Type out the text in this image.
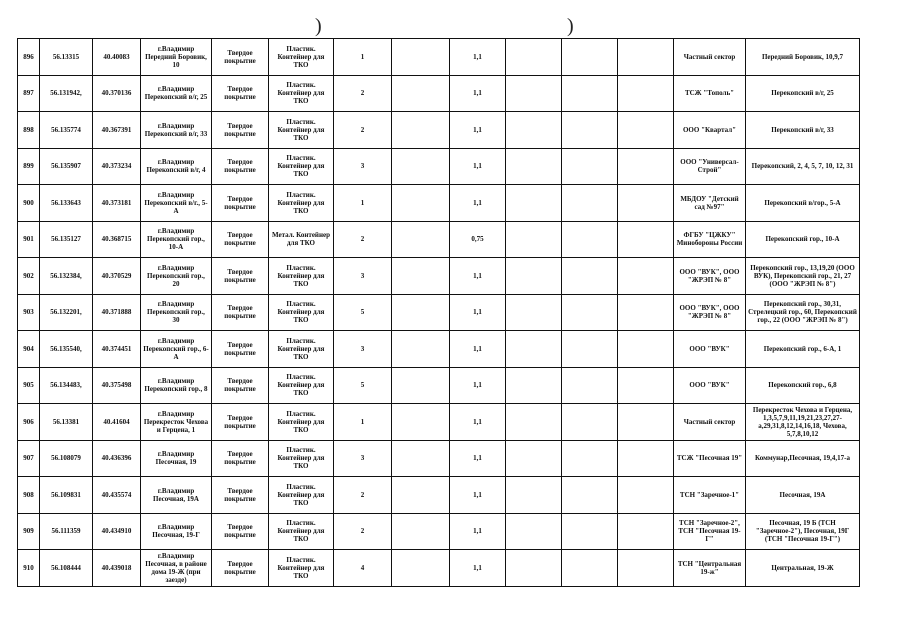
)	)
896	56.13315	40.40083	г.Владимир Передний Боровик, 10	Твердое покрытие	Пластик. Контейнер для ТКО	1		1,1				Частный сектор	Передний Боровик, 10,9,7
897	56.131942,	40.370136	г.Владимир Перекопский в/г, 25	Твердое покрытие	Пластик. Контейнер для ТКО	2		1,1				ТСЖ "Тополь"	Перекопский в/г, 25
898	56.135774	40.367391	г.Владимир Перекопский в/г, 33	Твердое покрытие	Пластик. Контейнер для ТКО	2		1,1				ООО "Квартал"	Перекопский в/г, 33
899	56.135907	40.373234	г.Владимир Перекопский в/г, 4	Твердое покрытие	Пластик. Контейнер для ТКО	3		1,1				ООО "Универсал-Строй"	Перекопский, 2, 4, 5, 7, 10, 12, 31
900	56.133643	40.373181	г.Владимир Перекопский в/г., 5-А	Твердое покрытие	Пластик. Контейнер для ТКО	1		1,1				МБДОУ "Детский сад №97"	Перекопский в/гор., 5-А
901	56.135127	40.368715	г.Владимир Перекопский гор., 10-А	Твердое покрытие	Метал. Контейнер для ТКО	2		0,75				ФГБУ "ЦЖКУ" Минобороны России	Перекопский гор., 10-А
902	56.132384,	40.370529	г.Владимир Перекопский гор., 20	Твердое покрытие	Пластик. Контейнер для ТКО	3		1,1				ООО "ВУК", ООО "ЖРЭП № 8"	Перекопский гор., 13,19,20 (ООО ВУК), Перекопский гор., 21, 27 (ООО "ЖРЭП № 8")
903	56.132201,	40.371888	г.Владимир Перекопский гор., 30	Твердое покрытие	Пластик. Контейнер для ТКО	5		1,1				ООО "ВУК", ООО "ЖРЭП № 8"	Перекопский гор., 30,31, Стрелецкий гор., 60, Перекопский гор., 22 (ООО "ЖРЭП № 8")
904	56.135540,	40.374451	г.Владимир Перекопский гор., 6-А	Твердое покрытие	Пластик. Контейнер для ТКО	3		1,1				ООО "ВУК"	Перекопский гор., 6-А, 1
905	56.134483,	40.375498	г.Владимир Перекопский гор., 8	Твердое покрытие	Пластик. Контейнер для ТКО	5		1,1				ООО "ВУК"	Перекопский гор., 6,8
906	56.13381	40.41604	г.Владимир Перекресток Чехова и Герцена, 1	Твердое покрытие	Пластик. Контейнер для ТКО	1		1,1				Частный сектор	Перекресток Чехова и Герцена, 1,3,5,7,9,11,19,21,23,27,27-а,29,31,8,12,14,16,18, Чехова, 5,7,8,10,12
907	56.108079	40.436396	г.Владимир Песочная, 19	Твердое покрытие	Пластик. Контейнер для ТКО	3		1,1				ТСЖ "Песочная 19"	Коммунар,Песочная, 19,4,17-а
908	56.109831	40.435574	г.Владимир Песочная, 19А	Твердое покрытие	Пластик. Контейнер для ТКО	2		1,1				ТСН "Заречное-1"	Песочная, 19А
909	56.111359	40.434910	г.Владимир Песочная, 19-Г	Твердое покрытие	Пластик. Контейнер для ТКО	2		1,1				ТСН "Заречное-2", ТСН "Песочная 19-Г"	Песочная, 19 Б (ТСН "Заречное-2"), Песочная, 19Г (ТСН "Песочная 19-Г")
910	56.108444	40.439018	г.Владимир Песочная, в районе дома 19-Ж (при заезде)	Твердое покрытие	Пластик. Контейнер для ТКО	4		1,1				ТСН "Центральная 19-ж"	Центральная, 19-Ж
